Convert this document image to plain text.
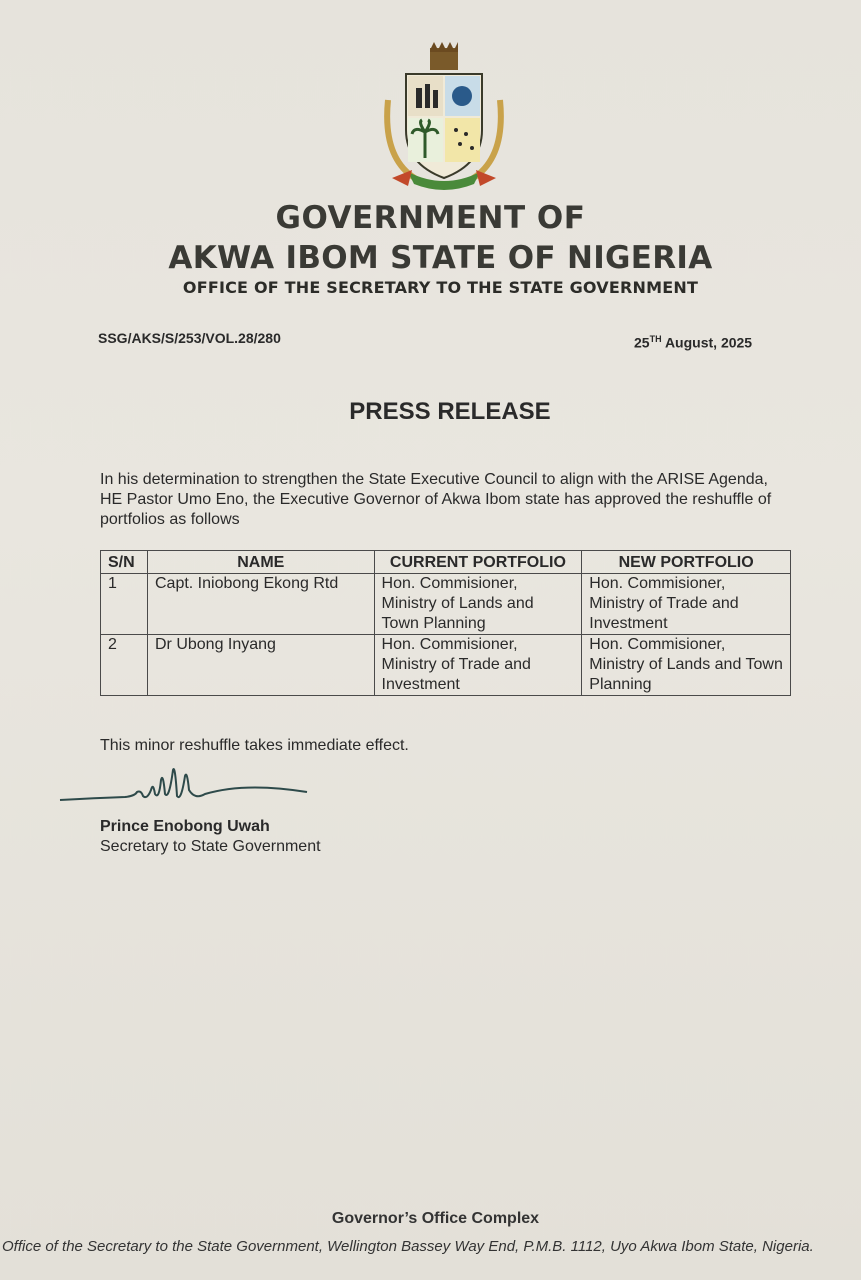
GOVERNMENT OF
AKWA IBOM STATE OF NIGERIA
OFFICE OF THE SECRETARY TO THE STATE GOVERNMENT
SSG/AKS/S/253/VOL.28/280	25TH August, 2025
PRESS RELEASE
In his determination to strengthen the State Executive Council to align with the ARISE Agenda, HE Pastor Umo Eno, the Executive Governor of Akwa Ibom state has approved the reshuffle of portfolios as follows
S/N	NAME	CURRENT PORTFOLIO	NEW PORTFOLIO
1	Capt. Iniobong Ekong Rtd	Hon. Commisioner, Ministry of Lands and Town Planning	Hon. Commisioner, Ministry of Trade and Investment
2	Dr Ubong Inyang	Hon. Commisioner, Ministry of Trade and Investment	Hon. Commisioner, Ministry of Lands and Town Planning
This minor reshuffle takes immediate effect.
Prince Enobong Uwah
Secretary to State Government
Governor’s Office Complex
Office of the Secretary to the State Government, Wellington Bassey Way End, P.M.B. 1112, Uyo Akwa Ibom State, Nigeria.
